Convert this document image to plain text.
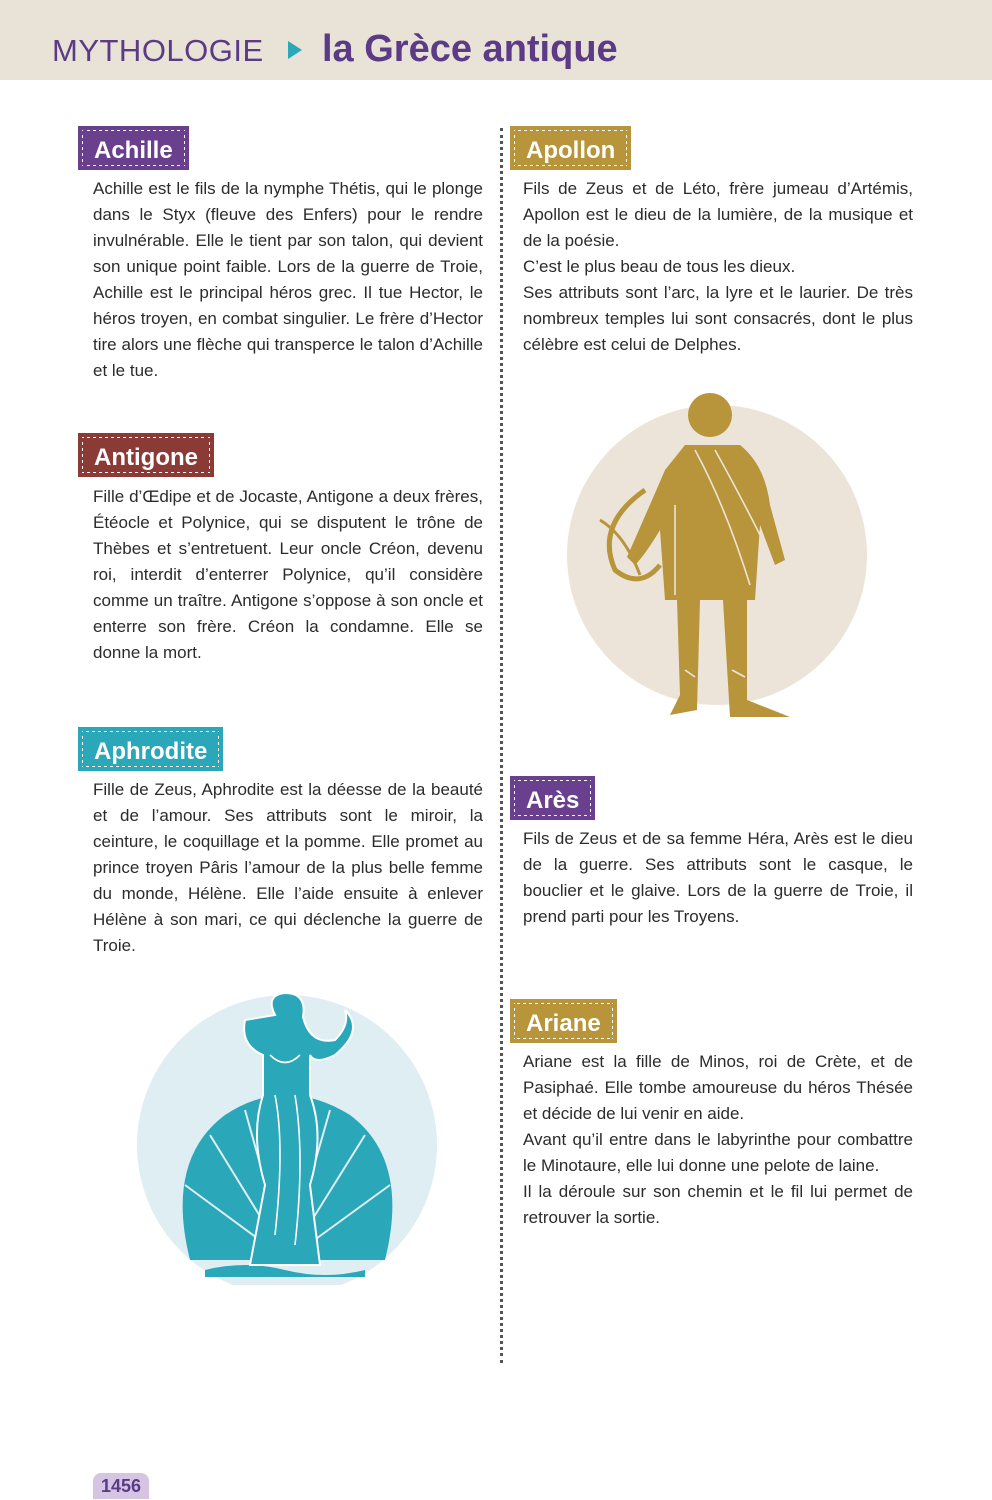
MYTHOLOGIE la Grèce antique
Achille
Achille est le fils de la nymphe Thétis, qui le plonge dans le Styx (fleuve des Enfers) pour le rendre invulnérable. Elle le tient par son talon, qui devient son unique point faible. Lors de la guerre de Troie, Achille est le principal héros grec. Il tue Hector, le héros troyen, en combat singulier. Le frère d’Hector tire alors une flèche qui transperce le talon d’Achille et le tue.
Antigone
Fille d’Œdipe et de Jocaste, Antigone a deux frères, Étéocle et Polynice, qui se disputent le trône de Thèbes et s’entretuent. Leur oncle Créon, devenu roi, interdit d’enterrer Polynice, qu’il considère comme un traître. Antigone s’oppose à son oncle et enterre son frère. Créon la condamne. Elle se donne la mort.
Aphrodite
Fille de Zeus, Aphrodite est la déesse de la beauté et de l’amour. Ses attributs sont le miroir, la ceinture, le coquillage et la pomme. Elle promet au prince troyen Pâris l’amour de la plus belle femme du monde, Hélène. Elle l’aide ensuite à enlever Hélène à son mari, ce qui déclenche la guerre de Troie.
Apollon
Fils de Zeus et de Léto, frère jumeau d’Artémis, Apollon est le dieu de la lumière, de la musique et de la poésie.
C’est le plus beau de tous les dieux.
Ses attributs sont l’arc, la lyre et le laurier. De très nombreux temples lui sont consacrés, dont le plus célèbre est celui de Delphes.
Arès
Fils de Zeus et de sa femme Héra, Arès est le dieu de la guerre. Ses attributs sont le casque, le bouclier et le glaive. Lors de la guerre de Troie, il prend parti pour les Troyens.
Ariane
Ariane est la fille de Minos, roi de Crète, et de Pasiphaé. Elle tombe amoureuse du héros Thésée et décide de lui venir en aide.
Avant qu’il entre dans le labyrinthe pour combattre le Minotaure, elle lui donne une pelote de laine.
Il la déroule sur son chemin et le fil lui permet de retrouver la sortie.
1456
